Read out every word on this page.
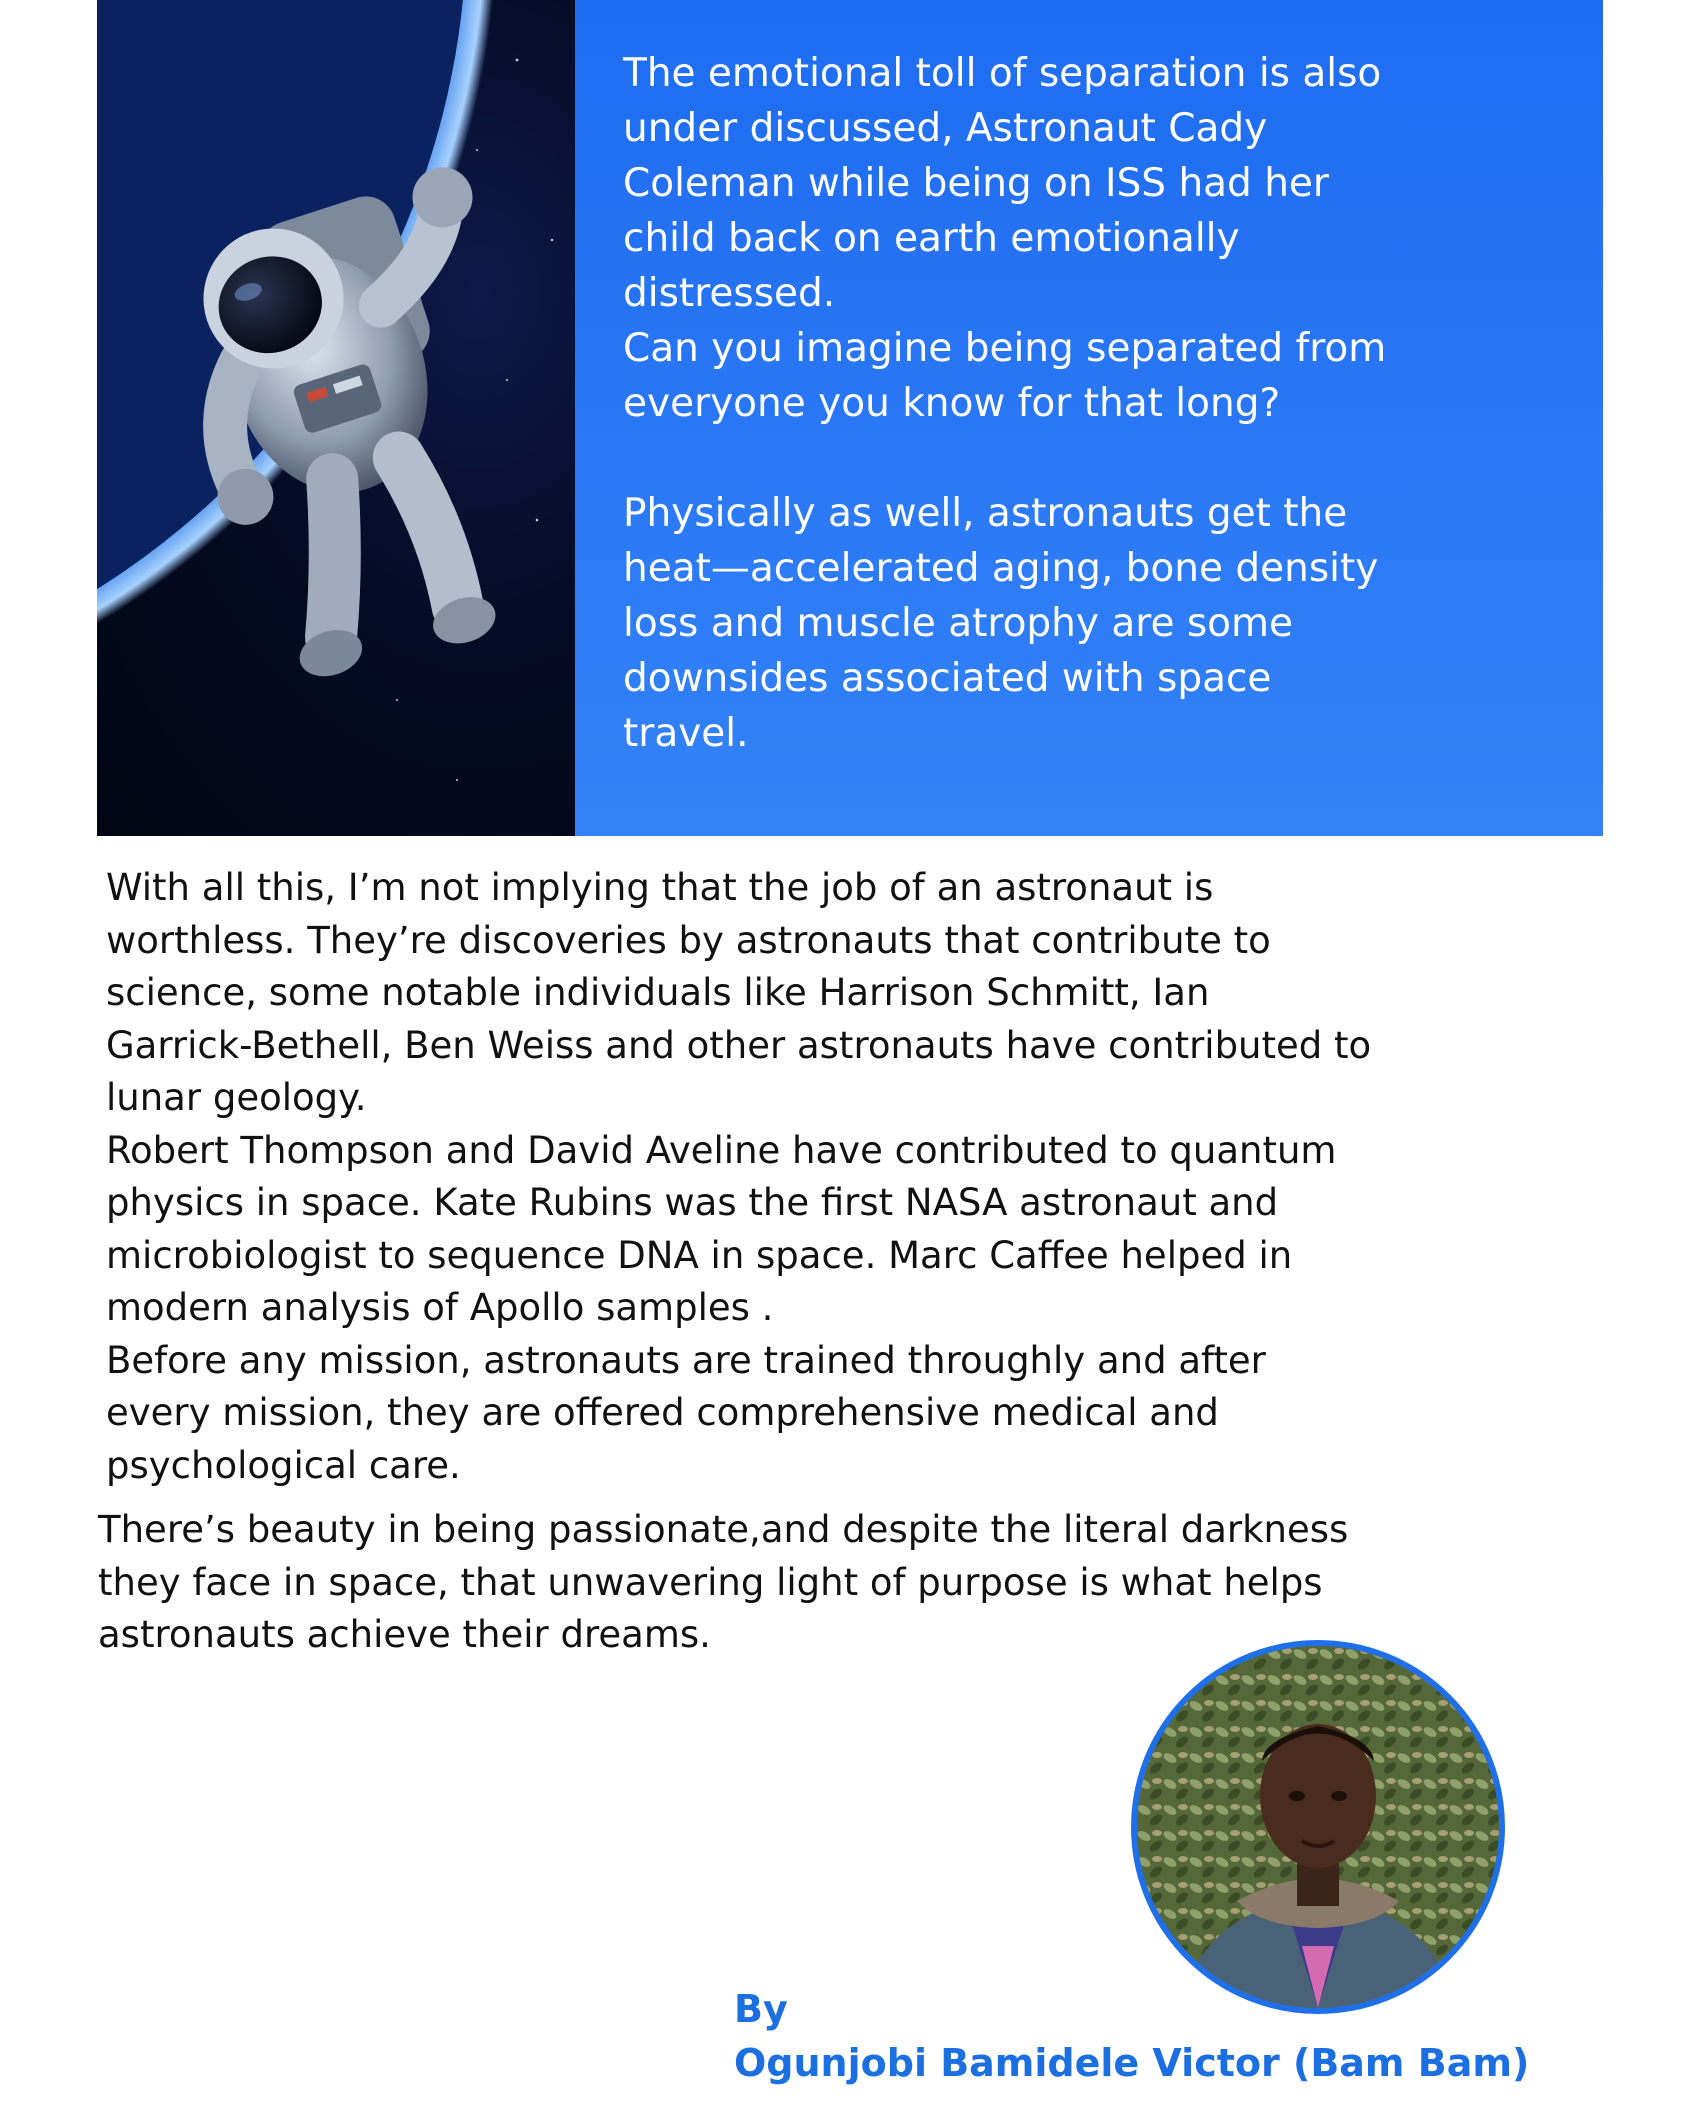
The emotional toll of separation is also
under discussed, Astronaut Cady
Coleman while being on ISS had her
child back on earth emotionally
distressed.
Can you imagine being separated from
everyone you know for that long?

Physically as well, astronauts get the
heat—accelerated aging, bone density
loss and muscle atrophy are some
downsides associated with space
travel.

With all this, I’m not implying that the job of an astronaut is
worthless. They’re discoveries by astronauts that contribute to
science, some notable individuals like Harrison Schmitt, Ian
Garrick-Bethell, Ben Weiss and other astronauts have contributed to
lunar geology.
Robert Thompson and David Aveline have contributed to quantum
physics in space. Kate Rubins was the first NASA astronaut and
microbiologist to sequence DNA in space. Marc Caffee helped in
modern analysis of Apollo samples .
Before any mission, astronauts are trained throughly and after
every mission, they are offered comprehensive medical and
psychological care.

There’s beauty in being passionate,and despite the literal darkness
they face in space, that unwavering light of purpose is what helps
astronauts achieve their dreams.

By
Ogunjobi Bamidele Victor (Bam Bam)
